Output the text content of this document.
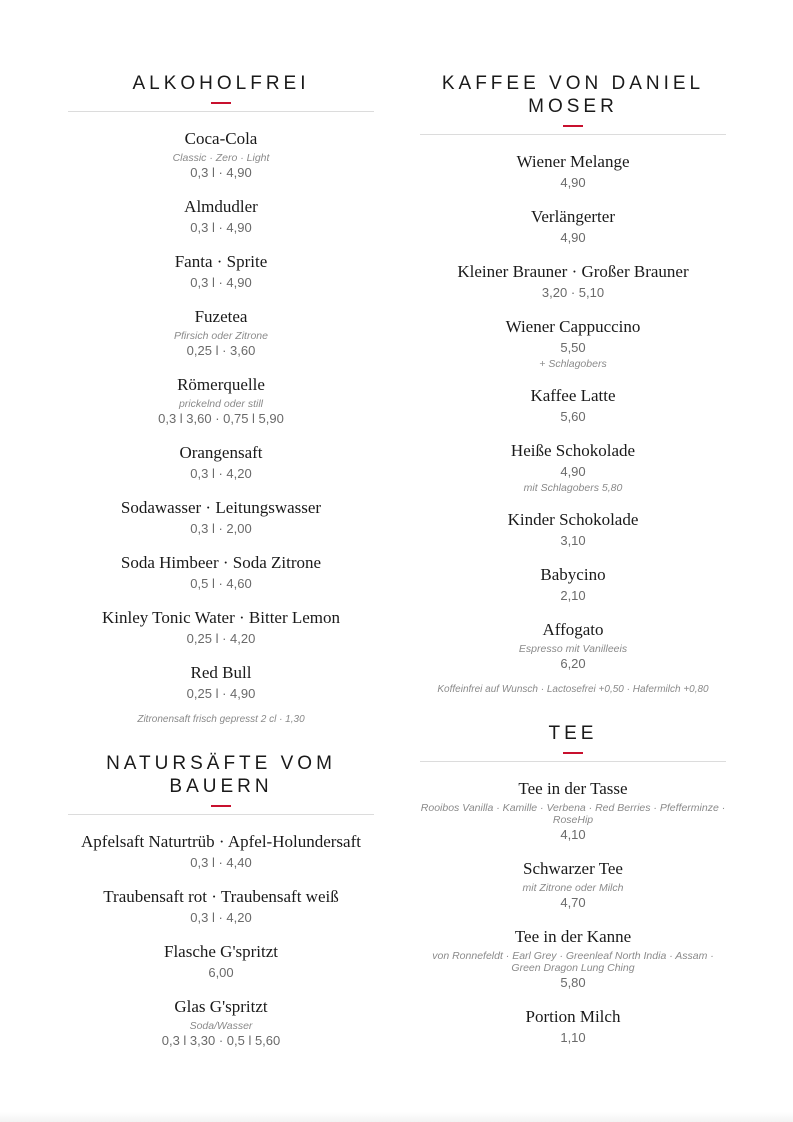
ALKOHOLFREI
Coca-Cola
Classic · Zero · Light
0,3 l · 4,90
Almdudler
0,3 l · 4,90
Fanta · Sprite
0,3 l · 4,90
Fuzetea
Pfirsich oder Zitrone
0,25 l · 3,60
Römerquelle
prickelnd oder still
0,3 l 3,60 · 0,75 l 5,90
Orangensaft
0,3 l · 4,20
Sodawasser · Leitungswasser
0,3 l · 2,00
Soda Himbeer · Soda Zitrone
0,5 l · 4,60
Kinley Tonic Water · Bitter Lemon
0,25 l · 4,20
Red Bull
0,25 l · 4,90
Zitronensaft frisch gepresst 2 cl · 1,30
NATURSÄFTE VOM BAUERN
Apfelsaft Naturtrüb · Apfel-Holundersaft
0,3 l · 4,40
Traubensaft rot · Traubensaft weiß
0,3 l · 4,20
Flasche G'spritzt
6,00
Glas G'spritzt
Soda/Wasser
0,3 l 3,30 · 0,5 l 5,60
KAFFEE VON DANIEL MOSER
Wiener Melange
4,90
Verlängerter
4,90
Kleiner Brauner · Großer Brauner
3,20 · 5,10
Wiener Cappuccino
5,50
+ Schlagobers
Kaffee Latte
5,60
Heiße Schokolade
4,90
mit Schlagobers 5,80
Kinder Schokolade
3,10
Babycino
2,10
Affogato
Espresso mit Vanilleeis
6,20
Koffeinfrei auf Wunsch · Lactosefrei +0,50 · Hafermilch +0,80
TEE
Tee in der Tasse
Rooibos Vanilla · Kamille · Verbena · Red Berries · Pfefferminze · RoseHip
4,10
Schwarzer Tee
mit Zitrone oder Milch
4,70
Tee in der Kanne
von Ronnefeldt · Earl Grey · Greenleaf North India · Assam · Green Dragon Lung Ching
5,80
Portion Milch
1,10
